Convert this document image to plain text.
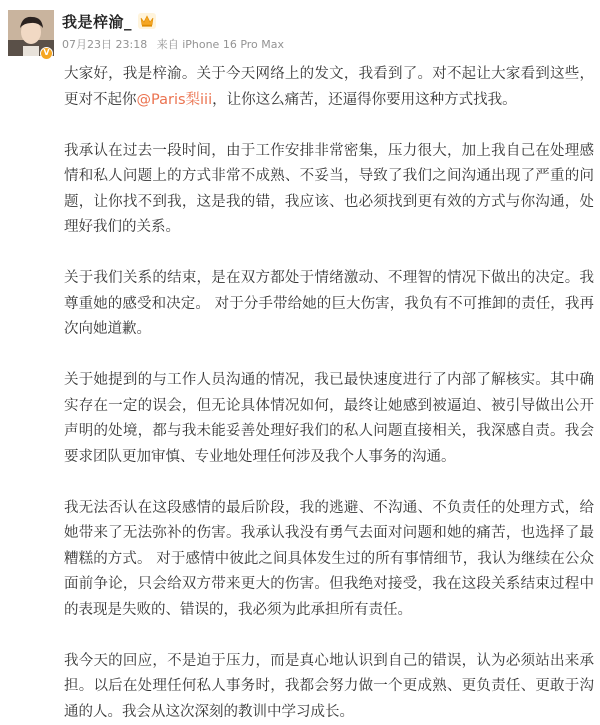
V
我是梓渝_
07月23日 23:18 来自 iPhone 16 Pro Max

大家好，我是梓渝。关于今天网络上的发文，我看到了。对不起让大家看到这些，更对不起你@Paris梨iii，让你这么痛苦，还逼得你要用这种方式找我。

我承认在过去一段时间，由于工作安排非常密集，压力很大，加上我自己在处理感情和私人问题上的方式非常不成熟、不妥当，导致了我们之间沟通出现了严重的问题，让你找不到我，这是我的错，我应该、也必须找到更有效的方式与你沟通，处理好我们的关系。

关于我们关系的结束，是在双方都处于情绪激动、不理智的情况下做出的决定。我尊重她的感受和决定。 对于分手带给她的巨大伤害，我负有不可推卸的责任，我再次向她道歉。

关于她提到的与工作人员沟通的情况，我已最快速度进行了内部了解核实。其中确实存在一定的误会，但无论具体情况如何，最终让她感到被逼迫、被引导做出公开声明的处境，都与我未能妥善处理好我们的私人问题直接相关，我深感自责。我会要求团队更加审慎、专业地处理任何涉及我个人事务的沟通。

我无法否认在这段感情的最后阶段，我的逃避、不沟通、不负责任的处理方式，给她带来了无法弥补的伤害。我承认我没有勇气去面对问题和她的痛苦，也选择了最糟糕的方式。 对于感情中彼此之间具体发生过的所有事情细节，我认为继续在公众面前争论，只会给双方带来更大的伤害。但我绝对接受，我在这段关系结束过程中的表现是失败的、错误的，我必须为此承担所有责任。

我今天的回应，不是迫于压力，而是真心地认识到自己的错误，认为必须站出来承担。以后在处理任何私人事务时，我都会努力做一个更成熟、更负责任、更敢于沟通的人。我会从这次深刻的教训中学习成长。
